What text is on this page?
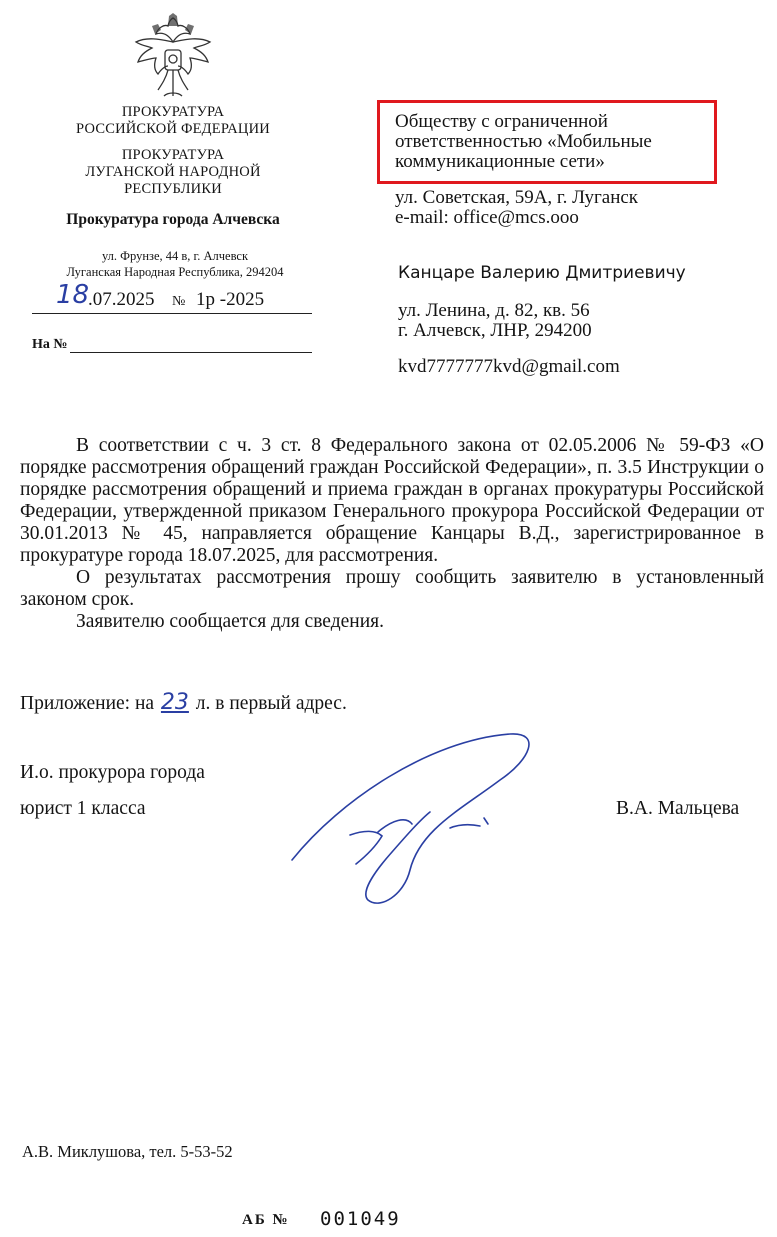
ПРОКУРАТУРА
РОССИЙСКОЙ ФЕДЕРАЦИИ
ПРОКУРАТУРА
ЛУГАНСКОЙ НАРОДНОЙ
РЕСПУБЛИКИ
Прокуратура города Алчевска
ул. Фрунзе, 44 в, г. Алчевск
Луганская Народная Республика, 294204
18
.07.2025 № 1р -2025
На №
Обществу с ограниченной
ответственностью «Мобильные
коммуникационные сети»
ул. Советская, 59А, г. Луганск
e-mail: office@mcs.ooo
Канцаре Валерию Дмитриевичу
ул. Ленина, д. 82, кв. 56
г. Алчевск, ЛНР, 294200
kvd7777777kvd@gmail.com
В соответствии с ч. 3 ст. 8 Федерального закона от 02.05.2006 № 59-ФЗ «О порядке рассмотрения обращений граждан Российской Федерации», п. 3.5 Инструкции о порядке рассмотрения обращений и приема граждан в органах прокуратуры Российской Федерации, утвержденной приказом Генерального прокурора Российской Федерации от 30.01.2013 № 45, направляется обращение Канцары В.Д., зарегистрированное в прокуратуре города 18.07.2025, для рассмотрения.
О результатах рассмотрения прошу сообщить заявителю в установленный законом срок.
Заявителю сообщается для сведения.
Приложение: на 23 л. в первый адрес.
И.о. прокурора города
юрист 1 класса	В.А. Мальцева
А.В. Миклушова, тел. 5-53-52
АБ № 001049
